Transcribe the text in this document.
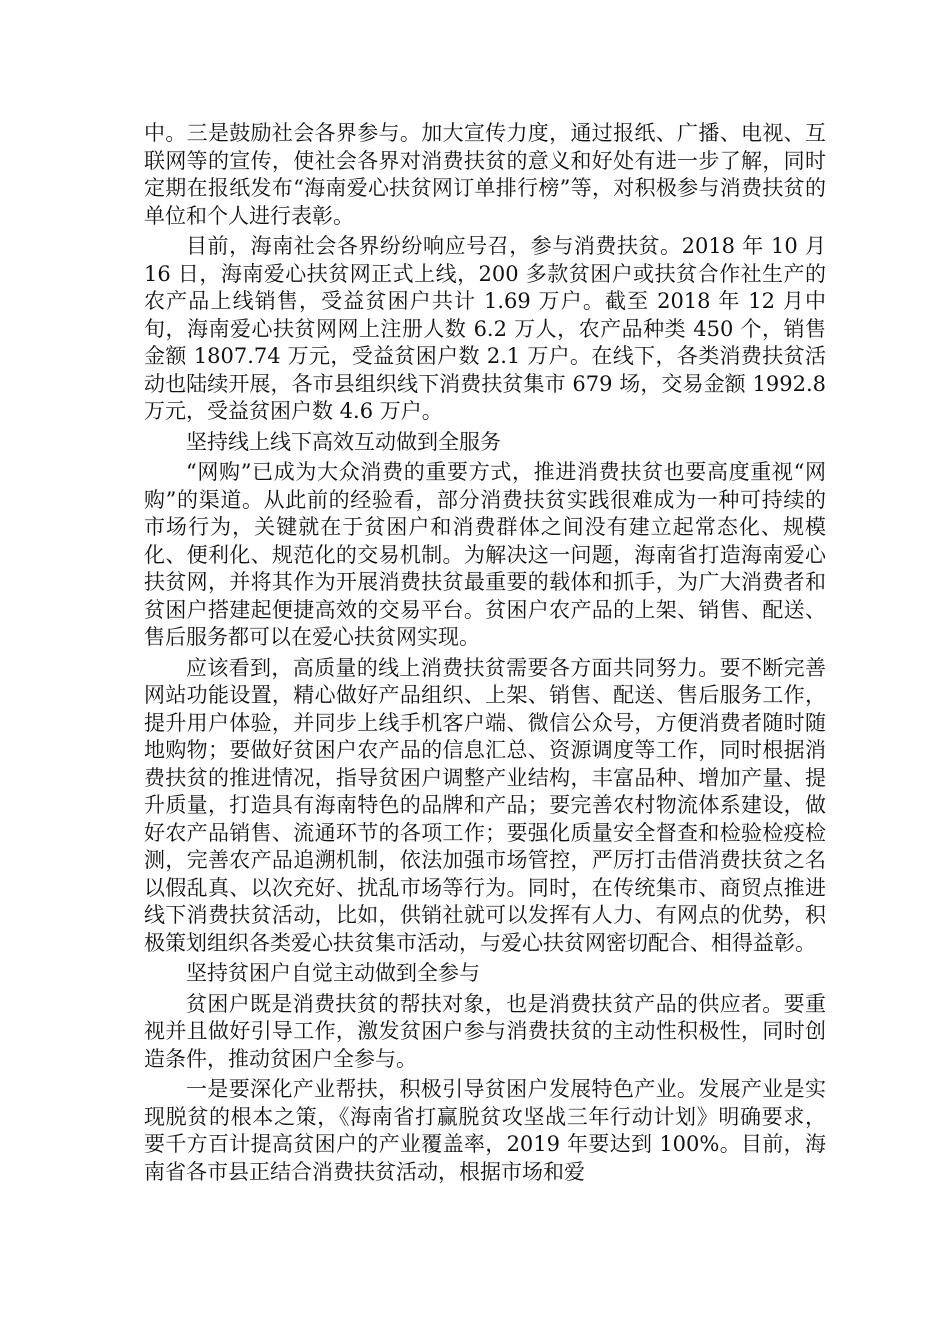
中。三是鼓励社会各界参与。加大宣传力度，通过报纸、广播、电视、互联网等的宣传，使社会各界对消费扶贫的意义和好处有进一步了解，同时定期在报纸发布“海南爱心扶贫网订单排行榜”等，对积极参与消费扶贫的单位和个人进行表彰。

目前，海南社会各界纷纷响应号召，参与消费扶贫。2018 年 10 月 16 日，海南爱心扶贫网正式上线，200 多款贫困户或扶贫合作社生产的农产品上线销售，受益贫困户共计 1.69 万户。截至 2018 年 12 月中旬，海南爱心扶贫网网上注册人数 6.2 万人，农产品种类 450 个，销售金额 1807.74 万元，受益贫困户数 2.1 万户。在线下，各类消费扶贫活动也陆续开展，各市县组织线下消费扶贫集市 679 场，交易金额 1992.8 万元，受益贫困户数 4.6 万户。

坚持线上线下高效互动做到全服务

“网购”已成为大众消费的重要方式，推进消费扶贫也要高度重视“网购”的渠道。从此前的经验看，部分消费扶贫实践很难成为一种可持续的市场行为，关键就在于贫困户和消费群体之间没有建立起常态化、规模化、便利化、规范化的交易机制。为解决这一问题，海南省打造海南爱心扶贫网，并将其作为开展消费扶贫最重要的载体和抓手，为广大消费者和贫困户搭建起便捷高效的交易平台。贫困户农产品的上架、销售、配送、售后服务都可以在爱心扶贫网实现。

应该看到，高质量的线上消费扶贫需要各方面共同努力。要不断完善网站功能设置，精心做好产品组织、上架、销售、配送、售后服务工作，提升用户体验，并同步上线手机客户端、微信公众号，方便消费者随时随地购物；要做好贫困户农产品的信息汇总、资源调度等工作，同时根据消费扶贫的推进情况，指导贫困户调整产业结构，丰富品种、增加产量、提升质量，打造具有海南特色的品牌和产品；要完善农村物流体系建设，做好农产品销售、流通环节的各项工作；要强化质量安全督查和检验检疫检测，完善农产品追溯机制，依法加强市场管控，严厉打击借消费扶贫之名以假乱真、以次充好、扰乱市场等行为。同时，在传统集市、商贸点推进线下消费扶贫活动，比如，供销社就可以发挥有人力、有网点的优势，积极策划组织各类爱心扶贫集市活动，与爱心扶贫网密切配合、相得益彰。

坚持贫困户自觉主动做到全参与

贫困户既是消费扶贫的帮扶对象，也是消费扶贫产品的供应者。要重视并且做好引导工作，激发贫困户参与消费扶贫的主动性积极性，同时创造条件，推动贫困户全参与。

一是要深化产业帮扶，积极引导贫困户发展特色产业。发展产业是实现脱贫的根本之策，《海南省打赢脱贫攻坚战三年行动计划》明确要求，要千方百计提高贫困户的产业覆盖率，2019 年要达到 100%。目前，海南省各市县正结合消费扶贫活动，根据市场和爱
